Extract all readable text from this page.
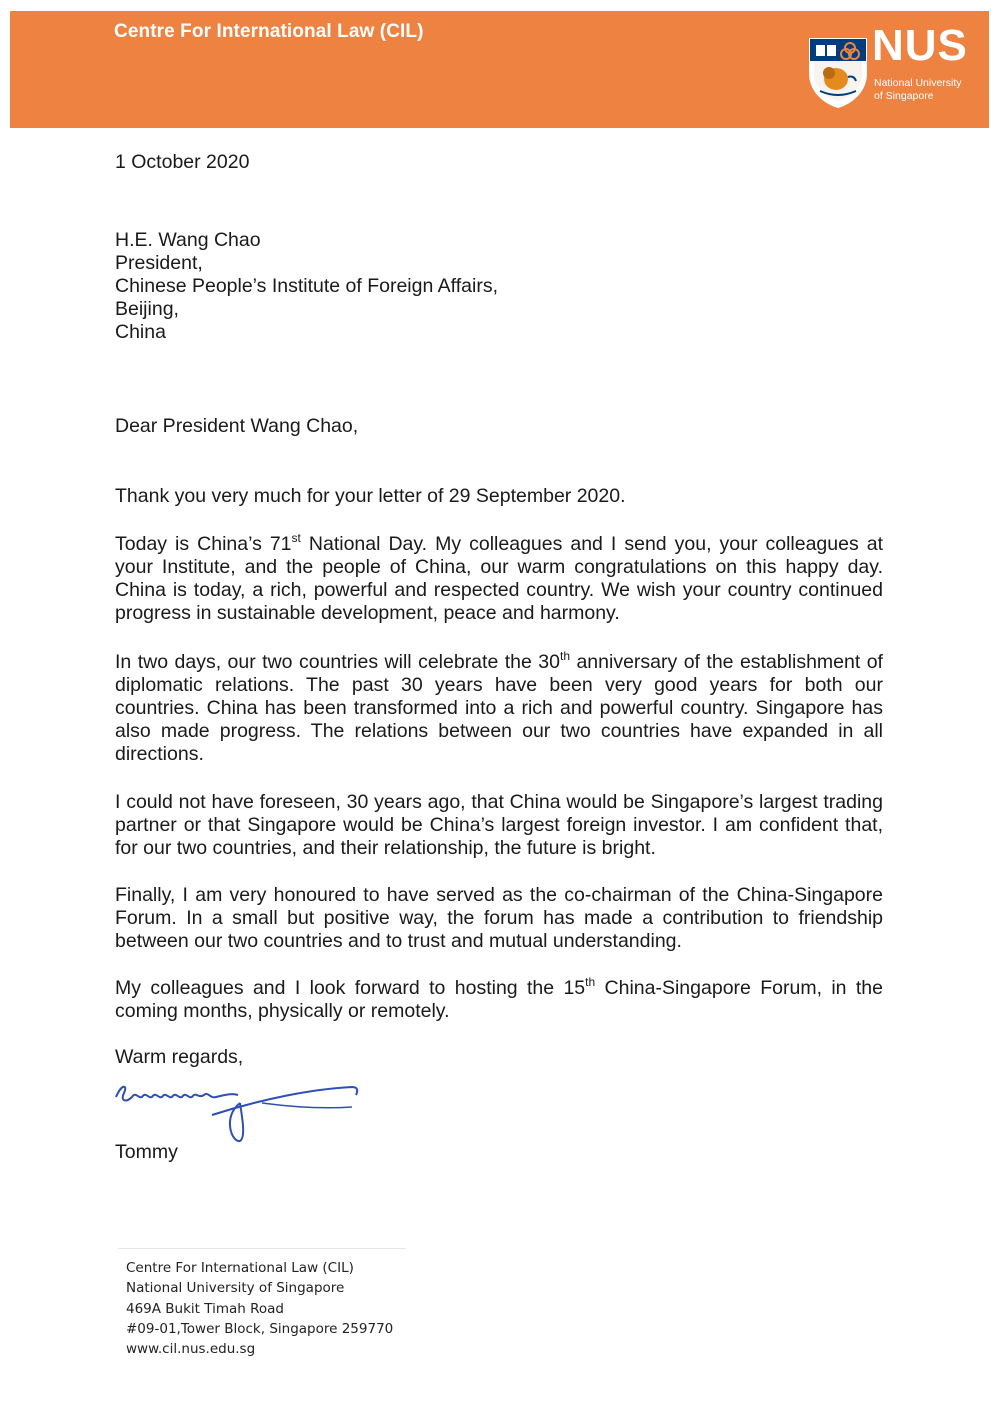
Centre For International Law (CIL)	NUS
National University
of Singapore
1 October 2020
H.E. Wang Chao
President,
Chinese People’s Institute of Foreign Affairs,
Beijing,
China
Dear President Wang Chao,
Thank you very much for your letter of 29 September 2020.
Today is China’s 71st National Day. My colleagues and I send you, your colleagues at your Institute, and the people of China, our warm congratulations on this happy day. China is today, a rich, powerful and respected country. We wish your country continued progress in sustainable development, peace and harmony.
In two days, our two countries will celebrate the 30th anniversary of the establishment of diplomatic relations. The past 30 years have been very good years for both our countries. China has been transformed into a rich and powerful country. Singapore has also made progress. The relations between our two countries have expanded in all directions.
I could not have foreseen, 30 years ago, that China would be Singapore’s largest trading partner or that Singapore would be China’s largest foreign investor. I am confident that, for our two countries, and their relationship, the future is bright.
Finally, I am very honoured to have served as the co-chairman of the China-Singapore Forum. In a small but positive way, the forum has made a contribution to friendship between our two countries and to trust and mutual understanding.
My colleagues and I look forward to hosting the 15th China-Singapore Forum, in the coming months, physically or remotely.
Warm regards,
Tommy
Centre For International Law (CIL)
National University of Singapore
469A Bukit Timah Road
#09-01,Tower Block, Singapore 259770
www.cil.nus.edu.sg
